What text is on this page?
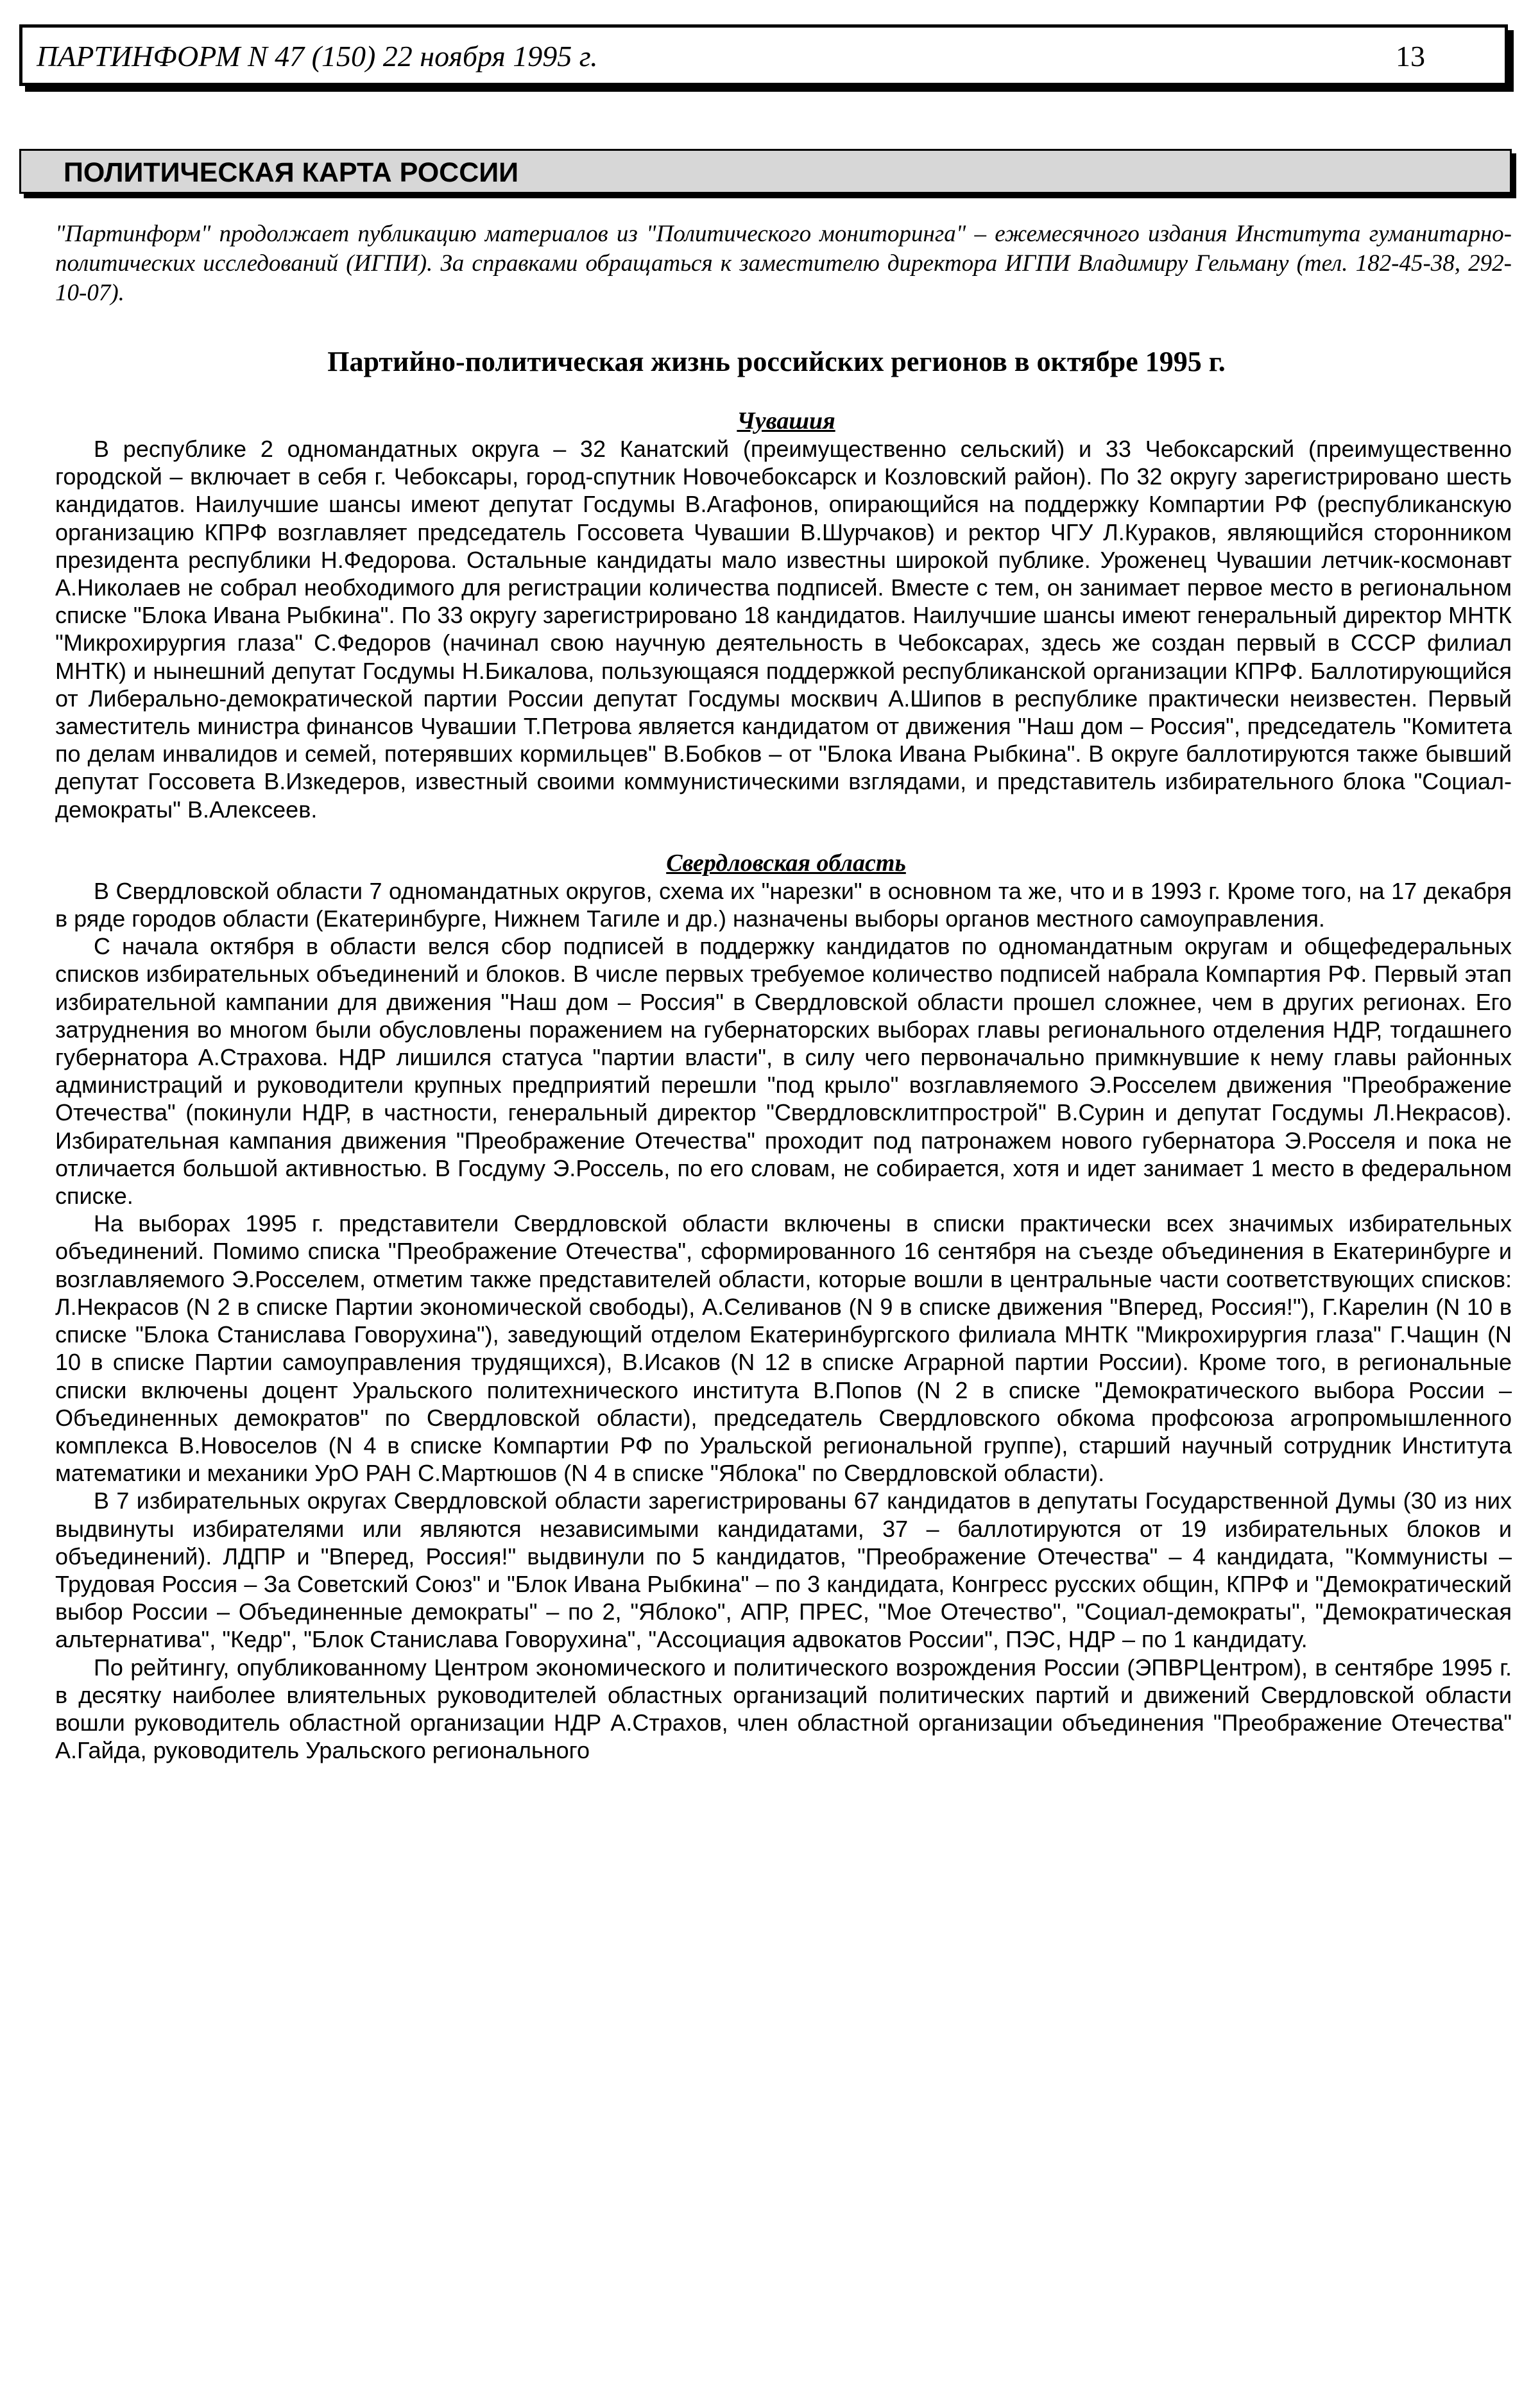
ПАРТИНФОРМ N 47 (150) 22 ноября 1995 г.	13
ПОЛИТИЧЕСКАЯ КАРТА РОССИИ
"Партинформ" продолжает публикацию материалов из "Политического мониторинга" – ежемесячного издания Института гуманитарно-политических исследований (ИГПИ). За справками обращаться к заместителю директора ИГПИ Владимиру Гельману (тел. 182-45-38, 292-10-07).
Партийно-политическая жизнь российских регионов в октябре 1995 г.
Чувашия

В республике 2 одномандатных округа – 32 Канатский (преимущественно сельский) и 33 Чебоксарский (преимущественно городской – включает в себя г. Чебоксары, город-спутник Новочебоксарск и Козловский район). По 32 округу зарегистрировано шесть кандидатов. Наилучшие шансы имеют депутат Госдумы В.Агафонов, опирающийся на поддержку Компартии РФ (республиканскую организацию КПРФ возглавляет председатель Госсовета Чувашии В.Шурчаков) и ректор ЧГУ Л.Кураков, являющийся сторонником президента республики Н.Федорова. Остальные кандидаты мало известны широкой публике. Уроженец Чувашии летчик-космонавт А.Николаев не собрал необходимого для регистрации количества подписей. Вместе с тем, он занимает первое место в региональном списке "Блока Ивана Рыбкина". По 33 округу зарегистрировано 18 кандидатов. Наилучшие шансы имеют генеральный директор МНТК "Микрохирургия глаза" С.Федоров (начинал свою научную деятельность в Чебоксарах, здесь же создан первый в СССР филиал МНТК) и нынешний депутат Госдумы Н.Бикалова, пользующаяся поддержкой республиканской организации КПРФ. Баллотирующийся от Либерально-демократической партии России депутат Госдумы москвич А.Шипов в республике практически неизвестен. Первый заместитель министра финансов Чувашии Т.Петрова является кандидатом от движения "Наш дом – Россия", председатель "Комитета по делам инвалидов и семей, потерявших кормильцев" В.Бобков – от "Блока Ивана Рыбкина". В округе баллотируются также бывший депутат Госсовета В.Изкедеров, известный своими коммунистическими взглядами, и представитель избирательного блока "Социал-демократы" В.Алексеев.

Свердловская область

В Свердловской области 7 одномандатных округов, схема их "нарезки" в основном та же, что и в 1993 г. Кроме того, на 17 декабря в ряде городов области (Екатеринбурге, Нижнем Тагиле и др.) назначены выборы органов местного самоуправления.

С начала октября в области велся сбор подписей в поддержку кандидатов по одномандатным округам и общефедеральных списков избирательных объединений и блоков. В числе первых требуемое количество подписей набрала Компартия РФ. Первый этап избирательной кампании для движения "Наш дом – Россия" в Свердловской области прошел сложнее, чем в других регионах. Его затруднения во многом были обусловлены поражением на губернаторских выборах главы регионального отделения НДР, тогдашнего губернатора А.Страхова. НДР лишился статуса "партии власти", в силу чего первоначально примкнувшие к нему главы районных администраций и руководители крупных предприятий перешли "под крыло" возглавляемого Э.Росселем движения "Преображение Отечества" (покинули НДР, в частности, генеральный директор "Свердловсклитпрострой" В.Сурин и депутат Госдумы Л.Некрасов). Избирательная кампания движения "Преображение Отечества" проходит под патронажем нового губернатора Э.Росселя и пока не отличается большой активностью. В Госдуму Э.Россель, по его словам, не собирается, хотя и идет занимает 1 место в федеральном списке.

На выборах 1995 г. представители Свердловской области включены в списки практически всех значимых избирательных объединений. Помимо списка "Преображение Отечества", сформированного 16 сентября на съезде объединения в Екатеринбурге и возглавляемого Э.Росселем, отметим также представителей области, которые вошли в центральные части соответствующих списков: Л.Некрасов (N 2 в списке Партии экономической свободы), А.Селиванов (N 9 в списке движения "Вперед, Россия!"), Г.Карелин (N 10 в списке "Блока Станислава Говорухина"), заведующий отделом Екатеринбургского филиала МНТК "Микрохирургия глаза" Г.Чащин (N 10 в списке Партии самоуправления трудящихся), В.Исаков (N 12 в списке Аграрной партии России). Кроме того, в региональные списки включены доцент Уральского политехнического института В.Попов (N 2 в списке "Демократического выбора России – Объединенных демократов" по Свердловской области), председатель Свердловского обкома профсоюза агропромышленного комплекса В.Новоселов (N 4 в списке Компартии РФ по Уральской региональной группе), старший научный сотрудник Института математики и механики УрО РАН С.Мартюшов (N 4 в списке "Яблока" по Свердловской области).

В 7 избирательных округах Свердловской области зарегистрированы 67 кандидатов в депутаты Государственной Думы (30 из них выдвинуты избирателями или являются независимыми кандидатами, 37 – баллотируются от 19 избирательных блоков и объединений). ЛДПР и "Вперед, Россия!" выдвинули по 5 кандидатов, "Преображение Отечества" – 4 кандидата, "Коммунисты – Трудовая Россия – За Советский Союз" и "Блок Ивана Рыбкина" – по 3 кандидата, Конгресс русских общин, КПРФ и "Демократический выбор России – Объединенные демократы" – по 2, "Яблоко", АПР, ПРЕС, "Мое Отечество", "Социал-демократы", "Демократическая альтернатива", "Кедр", "Блок Станислава Говорухина", "Ассоциация адвокатов России", ПЭС, НДР – по 1 кандидату.

По рейтингу, опубликованному Центром экономического и политического возрождения России (ЭПВРЦентром), в сентябре 1995 г. в десятку наиболее влиятельных руководителей областных организаций политических партий и движений Свердловской области вошли руководитель областной организации НДР А.Страхов, член областной организации объединения "Преображение Отечества" А.Гайда, руководитель Уральского регионального
